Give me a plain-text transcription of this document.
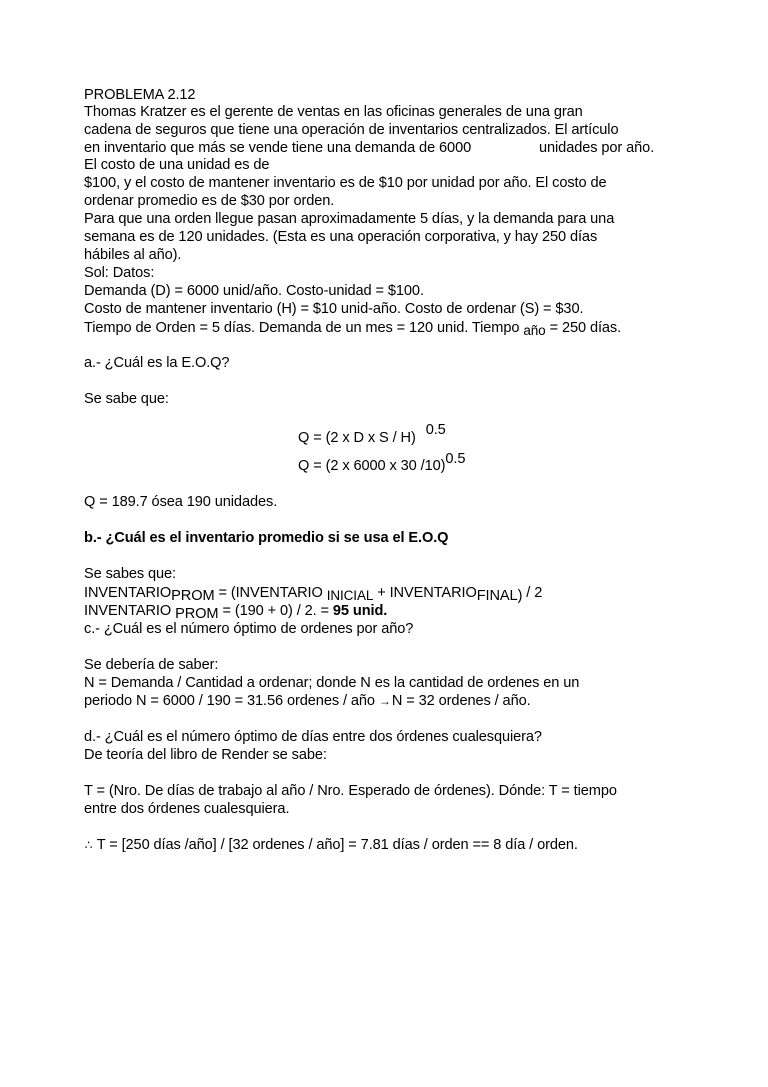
PROBLEMA 2.12
Thomas Kratzer es el gerente de ventas en las oficinas generales de una gran
cadena de seguros que tiene una operación de inventarios centralizados. El artículo
en inventario que más se vende tiene una demanda de 6000	unidades por año.
El costo de una unidad es de
$100, y el costo de mantener inventario es de $10 por unidad por año. El costo de
ordenar promedio es de $30 por orden.
Para que una orden llegue pasan aproximadamente 5 días, y la demanda para una
semana es de 120 unidades. (Esta es una operación corporativa, y hay 250 días
hábiles al año).
Sol: Datos:
Demanda (D) = 6000 unid/año. Costo-unidad = $100.
Costo de mantener inventario (H) = $10 unid-año. Costo de ordenar (S) = $30.
Tiempo de Orden = 5 días. Demanda de un mes = 120 unid. Tiempo año = 250 días.
a.- ¿Cuál es la E.O.Q?
Se sabe que:
Q = (2 x D x S / H) 0.5
Q = (2 x 6000 x 30 /10)0.5
Q = 189.7 ósea 190 unidades.
b.- ¿Cuál es el inventario promedio si se usa el E.O.Q
Se sabes que:
INVENTARIOPROM = (INVENTARIO INICIAL + INVENTARIOFINAL) / 2
INVENTARIO PROM = (190 + 0) / 2. = 95 unid.
c.- ¿Cuál es el número óptimo de ordenes por año?
Se debería de saber:
N = Demanda / Cantidad a ordenar; donde N es la cantidad de ordenes en un
periodo N = 6000 / 190 = 31.56 ordenes / año → N = 32 ordenes / año.
d.- ¿Cuál es el número óptimo de días entre dos órdenes cualesquiera?
De teoría del libro de Render se sabe:
T = (Nro. De días de trabajo al año / Nro. Esperado de órdenes). Dónde: T = tiempo
entre dos órdenes cualesquiera.
∴ T = [250 días /año] / [32 ordenes / año] = 7.81 días / orden == 8 día / orden.
